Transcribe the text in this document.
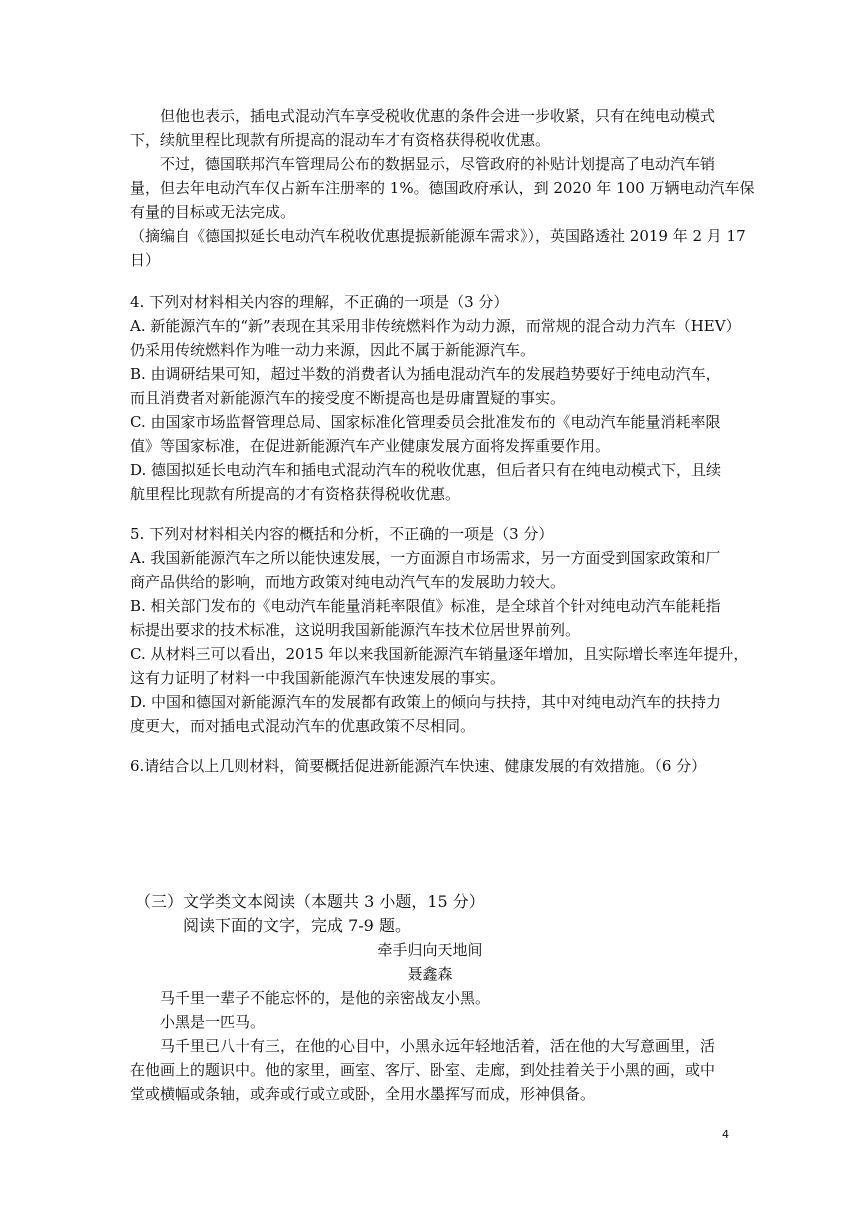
但他也表示，插电式混动汽车享受税收优惠的条件会进一步收紧，只有在纯电动模式
下，续航里程比现款有所提高的混动车才有资格获得税收优惠。
不过，德国联邦汽车管理局公布的数据显示，尽管政府的补贴计划提高了电动汽车销
量，但去年电动汽车仅占新车注册率的 1%。德国政府承认，到 2020 年 100 万辆电动汽车保
有量的目标或无法完成。
（摘编自《德国拟延长电动汽车税收优惠提振新能源车需求》），英国路透社 2019 年 2 月 17
日）
4. 下列对材料相关内容的理解，不正确的一项是（3 分）
A. 新能源汽车的“新”表现在其采用非传统燃料作为动力源，而常规的混合动力汽车（HEV）
仍采用传统燃料作为唯一动力来源，因此不属于新能源汽车。
B. 由调研结果可知，超过半数的消费者认为插电混动汽车的发展趋势要好于纯电动汽车，
而且消费者对新能源汽车的接受度不断提高也是毋庸置疑的事实。
C. 由国家市场监督管理总局、国家标准化管理委员会批准发布的《电动汽车能量消耗率限
值》等国家标准，在促进新能源汽车产业健康发展方面将发挥重要作用。
D. 德国拟延长电动汽车和插电式混动汽车的税收优惠，但后者只有在纯电动模式下，且续
航里程比现款有所提高的才有资格获得税收优惠。
5. 下列对材料相关内容的概括和分析，不正确的一项是（3 分）
A. 我国新能源汽车之所以能快速发展，一方面源自市场需求，另一方面受到国家政策和厂
商产品供给的影响，而地方政策对纯电动汽气车的发展助力较大。
B. 相关部门发布的《电动汽车能量消耗率限值》标准，是全球首个针对纯电动汽车能耗指
标提出要求的技术标准，这说明我国新能源汽车技术位居世界前列。
C. 从材料三可以看出，2015 年以来我国新能源汽车销量逐年增加，且实际增长率连年提升，
这有力证明了材料一中我国新能源汽车快速发展的事实。
D. 中国和德国对新能源汽车的发展都有政策上的倾向与扶持，其中对纯电动汽车的扶持力
度更大，而对插电式混动汽车的优惠政策不尽相同。
6.请结合以上几则材料，简要概括促进新能源汽车快速、健康发展的有效措施。（6 分）
（三）文学类文本阅读（本题共 3 小题，15 分）
阅读下面的文字，完成 7-9 题。
牵手归向天地间
聂鑫森
马千里一辈子不能忘怀的，是他的亲密战友小黑。
小黑是一匹马。
马千里已八十有三，在他的心目中，小黑永远年轻地活着，活在他的大写意画里，活
在他画上的题识中。他的家里，画室、客厅、卧室、走廊，到处挂着关于小黑的画，或中
堂或横幅或条轴，或奔或行或立或卧，全用水墨挥写而成，形神俱备。
4
